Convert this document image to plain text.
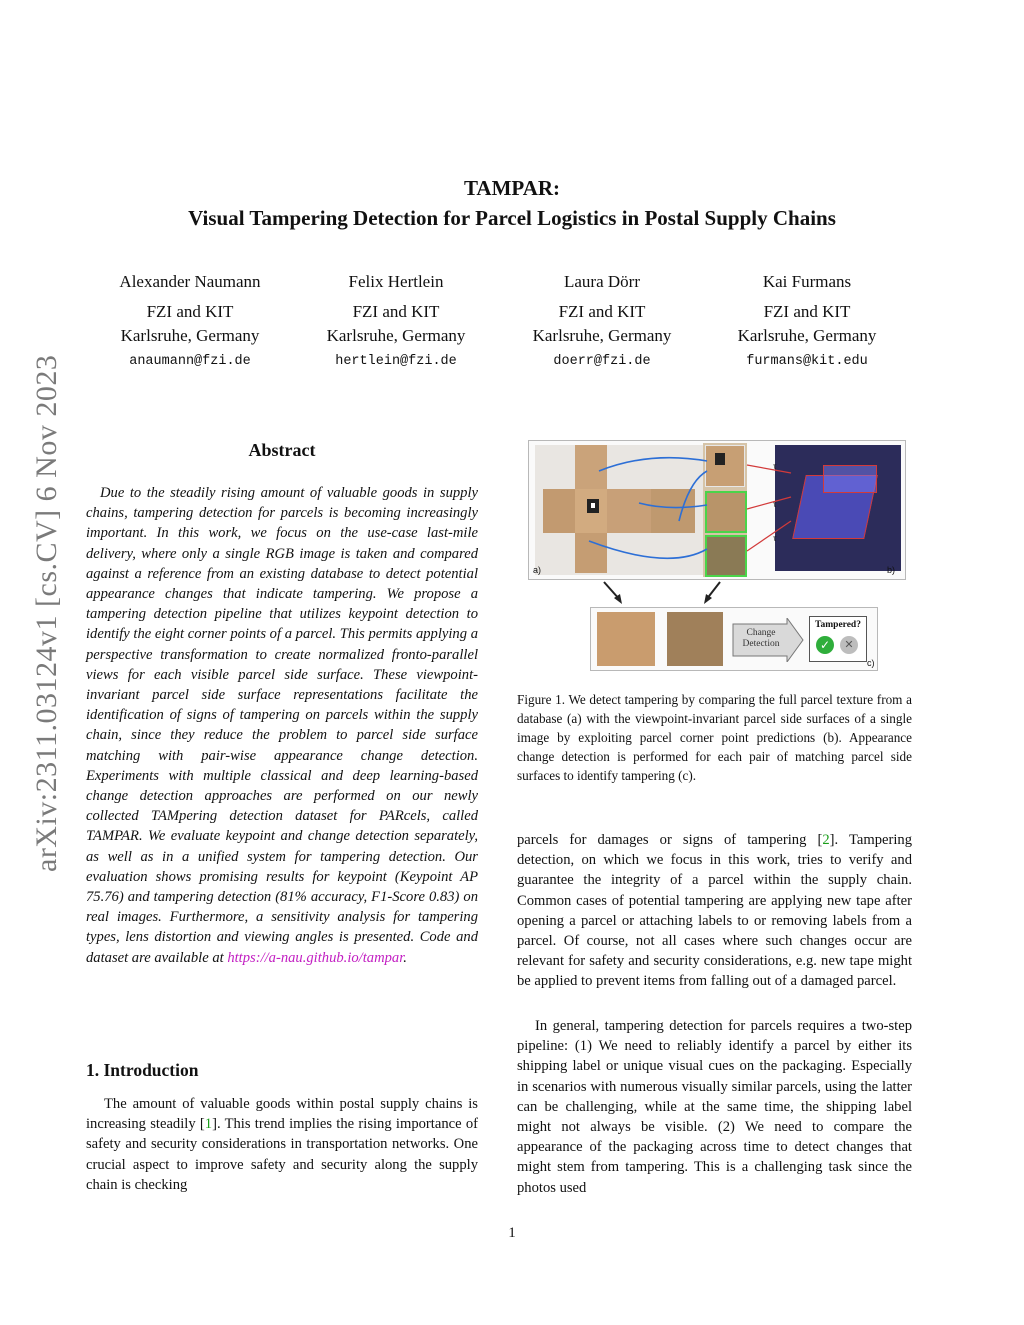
arXiv:2311.03124v1 [cs.CV] 6 Nov 2023
TAMPAR:
Visual Tampering Detection for Parcel Logistics in Postal Supply Chains
Alexander Naumann
FZI and KIT
Karlsruhe, Germany
anaumann@fzi.de
Felix Hertlein
FZI and KIT
Karlsruhe, Germany
hertlein@fzi.de
Laura Dörr
FZI and KIT
Karlsruhe, Germany
doerr@fzi.de
Kai Furmans
FZI and KIT
Karlsruhe, Germany
furmans@kit.edu
Abstract
Due to the steadily rising amount of valuable goods in supply chains, tampering detection for parcels is becoming increasingly important. In this work, we focus on the use-case last-mile delivery, where only a single RGB image is taken and compared against a reference from an existing database to detect potential appearance changes that indicate tampering. We propose a tampering detection pipeline that utilizes keypoint detection to identify the eight corner points of a parcel. This permits applying a perspective transformation to create normalized fronto-parallel views for each visible parcel side surface. These viewpoint-invariant parcel side surface representations facilitate the identification of signs of tampering on parcels within the supply chain, since they reduce the problem to parcel side surface matching with pair-wise appearance change detection. Experiments with multiple classical and deep learning-based change detection approaches are performed on our newly collected TAMpering detection dataset for PARcels, called TAMPAR. We evaluate keypoint and change detection separately, as well as in a unified system for tampering detection. Our evaluation shows promising results for keypoint (Keypoint AP 75.76) and tampering detection (81% accuracy, F1-Score 0.83) on real images. Furthermore, a sensitivity analysis for tampering types, lens distortion and viewing angles is presented. Code and dataset are available at https://a-nau.github.io/tampar.
1. Introduction
The amount of valuable goods within postal supply chains is increasing steadily [1]. This trend implies the rising importance of safety and security considerations in transportation networks. One crucial aspect to improve safety and security along the supply chain is checking
τ
τ
τ
a)	b)
Change
Detection
Tampered?
✓	✕
c)
Figure 1. We detect tampering by comparing the full parcel texture from a database (a) with the viewpoint-invariant parcel side surfaces of a single image by exploiting parcel corner point predictions (b). Appearance change detection is performed for each pair of matching parcel side surfaces to identify tampering (c).
parcels for damages or signs of tampering [2]. Tampering detection, on which we focus in this work, tries to verify and guarantee the integrity of a parcel within the supply chain. Common cases of potential tampering are applying new tape after opening a parcel or attaching labels to or removing labels from a parcel. Of course, not all cases where such changes occur are relevant for safety and security considerations, e.g. new tape might be applied to prevent items from falling out of a damaged parcel.
In general, tampering detection for parcels requires a two-step pipeline: (1) We need to reliably identify a parcel by either its shipping label or unique visual cues on the packaging. Especially in scenarios with numerous visually similar parcels, using the latter can be challenging, while at the same time, the shipping label might not always be visible. (2) We need to compare the appearance of the packaging across time to detect changes that might stem from tampering. This is a challenging task since the photos used
1
